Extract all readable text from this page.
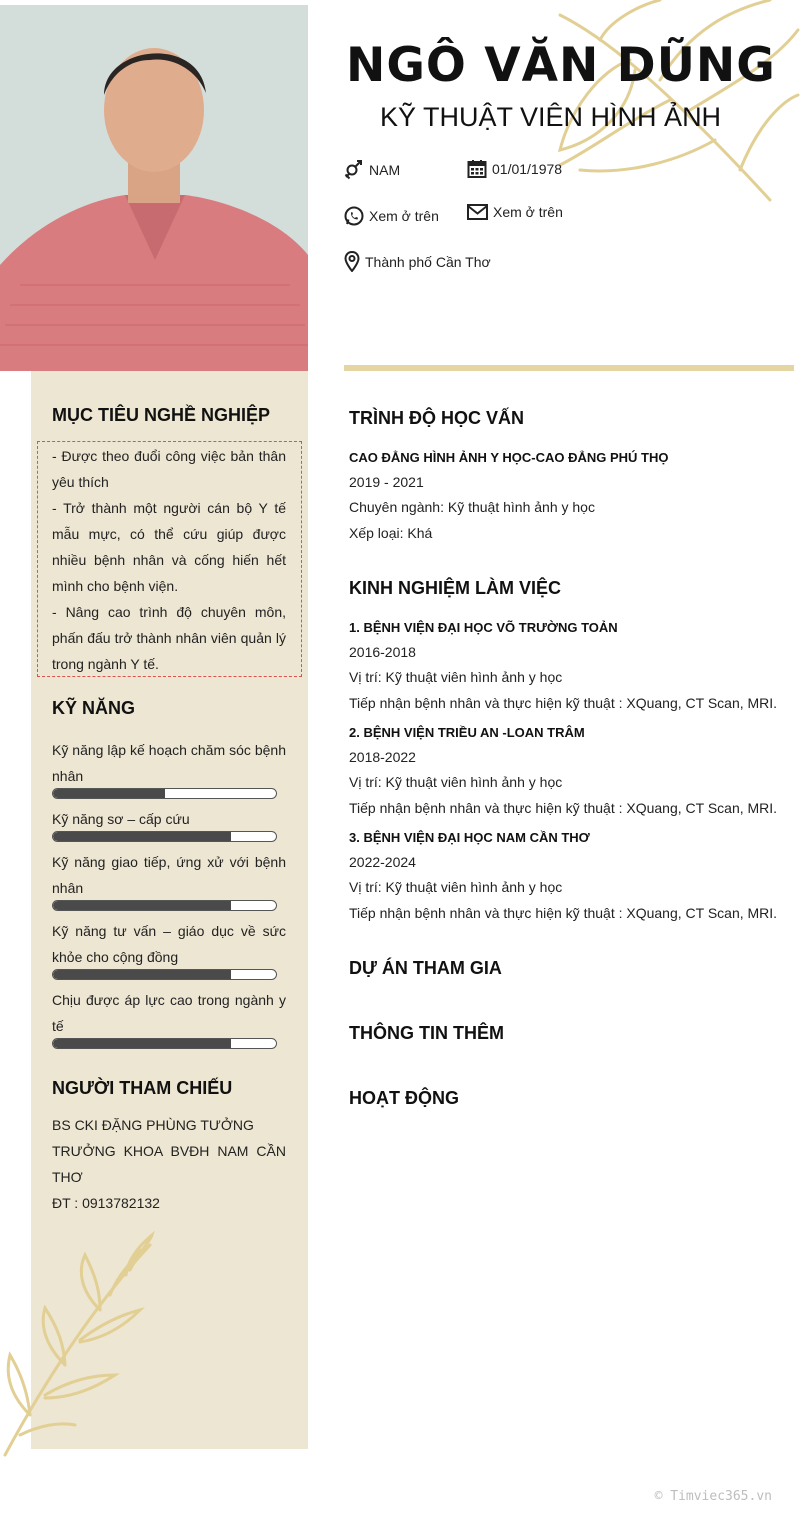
NGÔ VĂN DŨNG
KỸ THUẬT VIÊN HÌNH ẢNH
NAM	01/01/1978
Xem ở trên	Xem ở trên
Thành phố Cần Thơ
MỤC TIÊU NGHỀ NGHIỆP
- Được theo đuổi công việc bản thân yêu thích
- Trở thành một người cán bộ Y tế mẫu mực, có thể cứu giúp được nhiều bệnh nhân và cống hiến hết mình cho bệnh viện.
- Nâng cao trình độ chuyên môn, phấn đấu trở thành nhân viên quản lý trong ngành Y tế.
KỸ NĂNG
Kỹ năng lập kế hoạch chăm sóc bệnh nhân
Kỹ năng sơ – cấp cứu
Kỹ năng giao tiếp, ứng xử với bệnh nhân
Kỹ năng tư vấn – giáo dục về sức khỏe cho cộng đồng
Chịu được áp lực cao trong ngành y tế
NGƯỜI THAM CHIẾU
BS CKI ĐẶNG PHÙNG TƯỞNG
TRƯỞNG KHOA BVĐH NAM CẦN
THƠ
ĐT : 0913782132
TRÌNH ĐỘ HỌC VẤN
CAO ĐẲNG HÌNH ẢNH Y HỌC-CAO ĐẲNG PHÚ THỌ
2019 - 2021
Chuyên ngành: Kỹ thuật hình ảnh y học
Xếp loại: Khá
KINH NGHIỆM LÀM VIỆC
1. BỆNH VIỆN ĐẠI HỌC VÕ TRƯỜNG TOẢN
2016-2018
Vị trí: Kỹ thuật viên hình ảnh y học
Tiếp nhận bệnh nhân và thực hiện kỹ thuật : XQuang, CT Scan, MRI.
2. BỆNH VIỆN TRIỀU AN -LOAN TRÂM
2018-2022
Vị trí: Kỹ thuật viên hình ảnh y học
Tiếp nhận bệnh nhân và thực hiện kỹ thuật : XQuang, CT Scan, MRI.
3. BỆNH VIỆN ĐẠI HỌC NAM CẦN THƠ
2022-2024
Vị trí: Kỹ thuật viên hình ảnh y học
Tiếp nhận bệnh nhân và thực hiện kỹ thuật : XQuang, CT Scan, MRI.
DỰ ÁN THAM GIA
THÔNG TIN THÊM
HOẠT ĐỘNG
© Timviec365.vn
